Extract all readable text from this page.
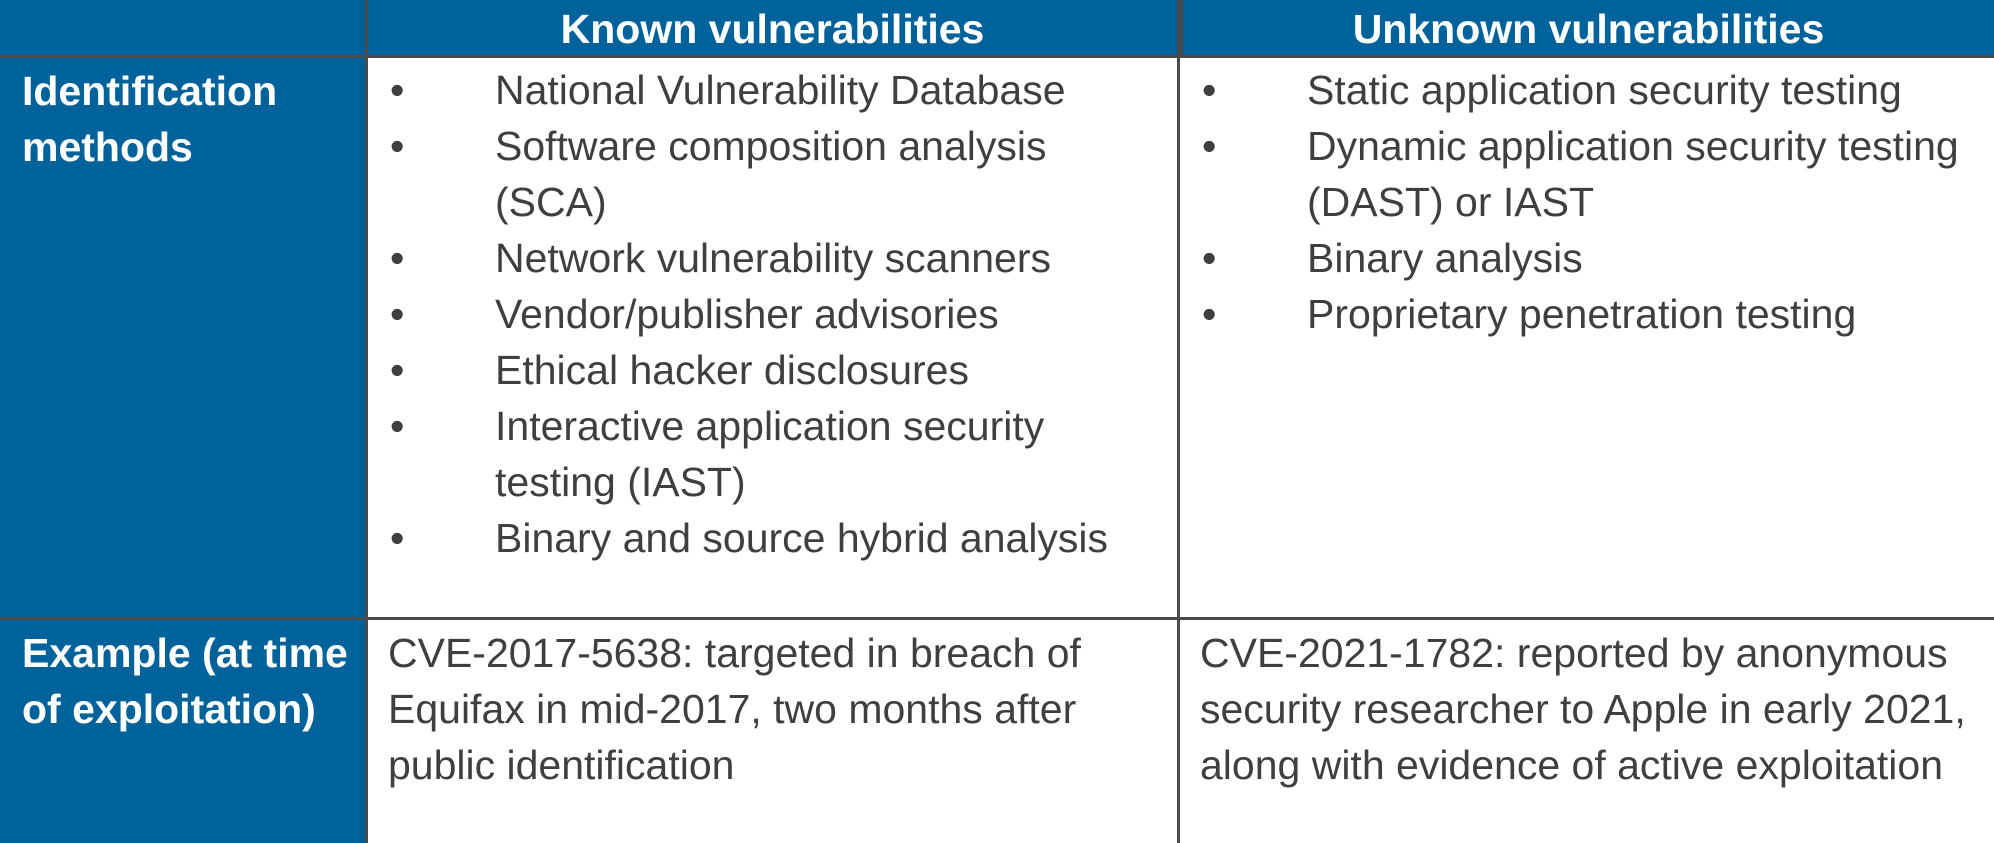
Known vulnerabilities	Unknown vulnerabilities
Identification methods
• National Vulnerability Database
• Software composition analysis (SCA)
• Network vulnerability scanners
• Vendor/publisher advisories
• Ethical hacker disclosures
• Interactive application security testing (IAST)
• Binary and source hybrid analysis
• Static application security testing
• Dynamic application security testing (DAST) or IAST
• Binary analysis
• Proprietary penetration testing
Example (at time of exploitation)

CVE-2017-5638: targeted in breach of Equifax in mid-2017, two months after public identification

CVE-2021-1782: reported by anonymous security researcher to Apple in early 2021, along with evidence of active exploitation
